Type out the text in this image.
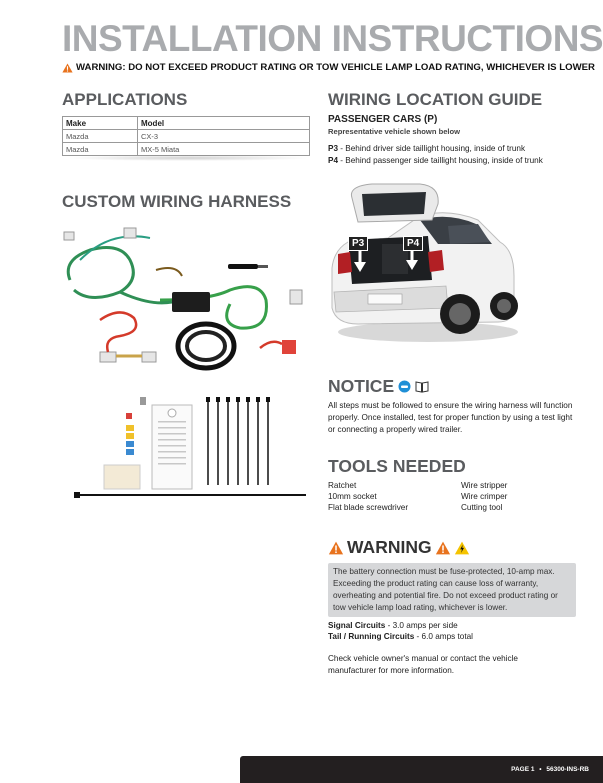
INSTALLATION INSTRUCTIONS
WARNING: DO NOT EXCEED PRODUCT RATING OR TOW VEHICLE LAMP LOAD RATING, WHICHEVER IS LOWER
APPLICATIONS
Make	Model
Mazda	CX-3
Mazda	MX-5 Miata
WIRING LOCATION GUIDE
PASSENGER CARS (P)
Representative vehicle shown below
P3 - Behind driver side taillight housing, inside of trunk
P4 - Behind passenger side taillight housing, inside of trunk
P3	P4
CUSTOM WIRING HARNESS
NOTICE
All steps must be followed to ensure the wiring harness will function properly. Once installed, test for proper function by using a test light or connecting a properly wired trailer.
TOOLS NEEDED
Ratchet	Wire stripper
10mm socket	Wire crimper
Flat blade screwdriver	Cutting tool
WARNING
The battery connection must be fuse-protected, 10-amp max. Exceeding the product rating can cause loss of warranty, overheating and potential fire. Do not exceed product rating or tow vehicle lamp load rating, whichever is lower.
Signal Circuits - 3.0 amps per side
Tail / Running Circuits - 6.0 amps total
Check vehicle owner's manual or contact the vehicle manufacturer for more information.
PAGE 1 • 56300-INS-RB
